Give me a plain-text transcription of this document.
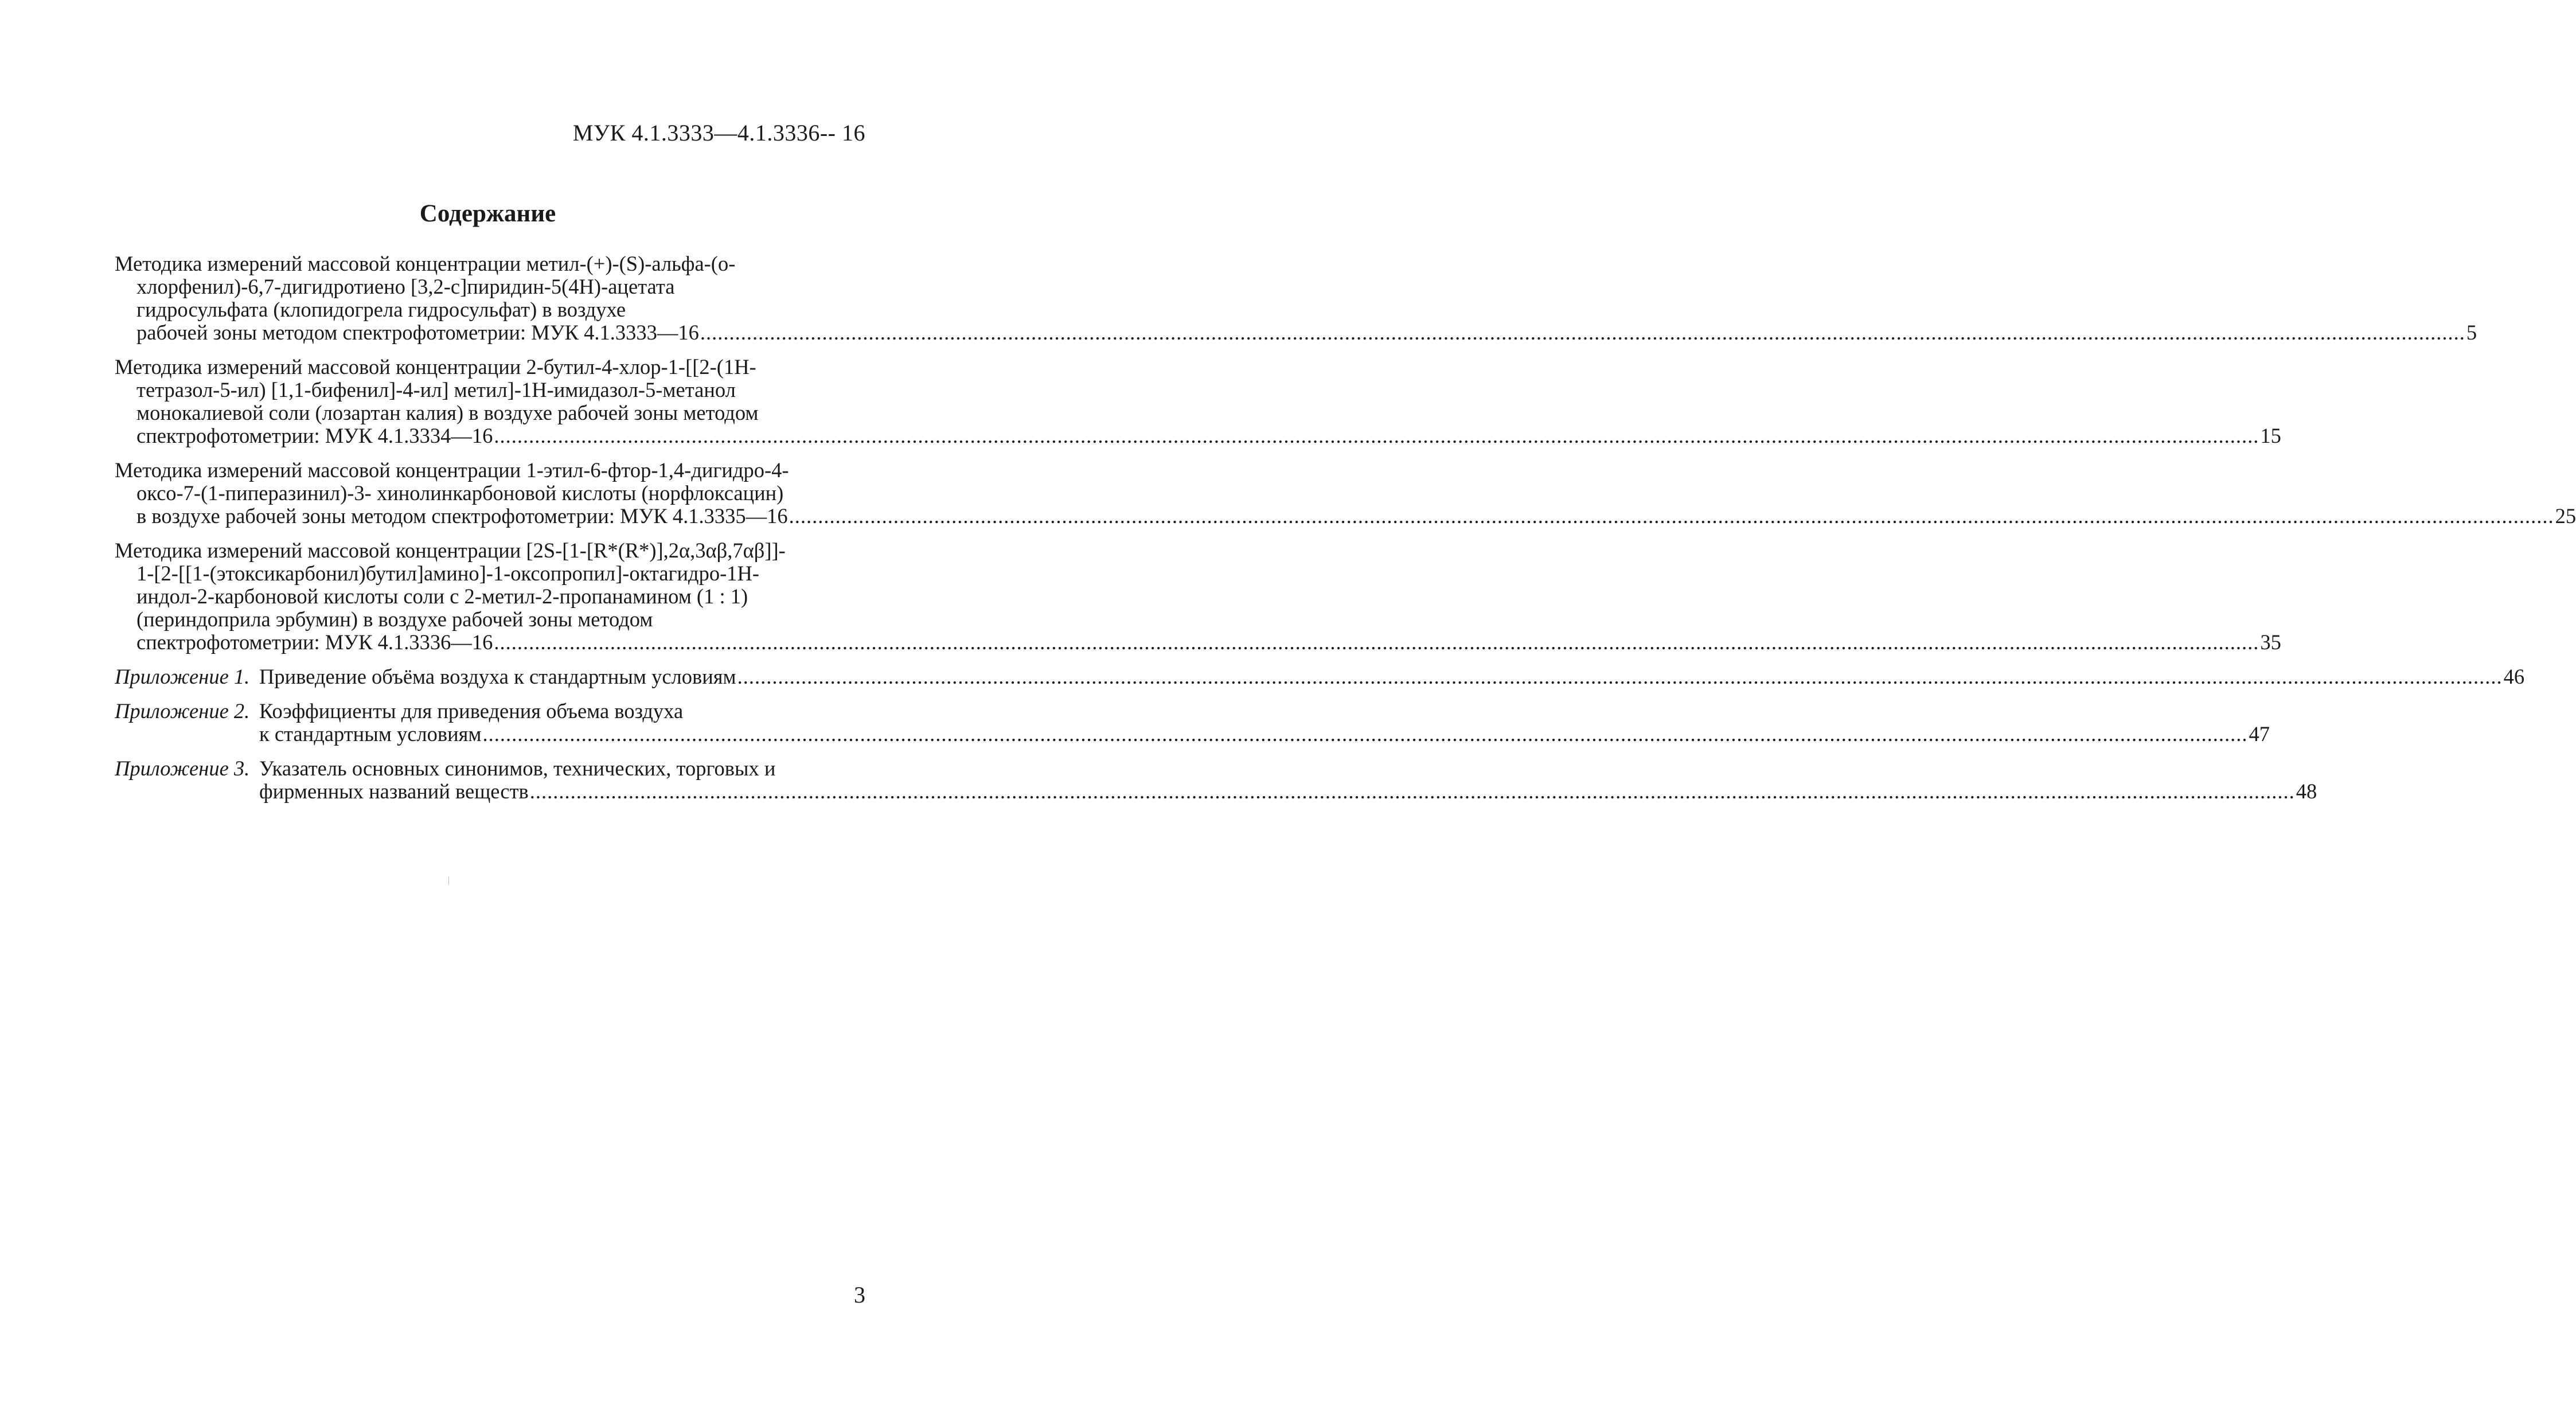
МУК 4.1.3333—4.1.3336-- 16
Содержание
Методика измерений массовой концентрации метил-(+)-(S)-альфа-(о-
хлорфенил)-6,7-дигидротиено [3,2-с]пиридин-5(4Н)-ацетата
гидросульфата (клопидогрела гидросульфат) в воздухе
рабочей зоны методом спектрофотометрии: МУК 4.1.3333—16 .....	5
Методика измерений массовой концентрации 2-бутил-4-хлор-1-[[2-(1Н-
тетразол-5-ил) [1,1-бифенил]-4-ил] метил]-1Н-имидазол-5-метанол
монокалиевой соли (лозартан калия) в воздухе рабочей зоны методом
спектрофотометрии: МУК 4.1.3334—16 .....	15
Методика измерений массовой концентрации 1-этил-6-фтор-1,4-дигидро-4-
оксо-7-(1-пиперазинил)-3- хинолинкарбоновой кислоты (норфлоксацин)
в воздухе рабочей зоны методом спектрофотометрии: МУК 4.1.3335—16 .....	25
Методика измерений массовой концентрации [2S-[1-[R*(R*)],2α,3αβ,7αβ]]-
1-[2-[[1-(этоксикарбонил)бутил]амино]-1-оксопропил]-октагидро-1Н-
индол-2-карбоновой кислоты соли с 2-метил-2-пропанамином (1 : 1)
(периндоприла эрбумин) в воздухе рабочей зоны методом
спектрофотометрии: МУК 4.1.3336—16 .....	35
Приложение 1. Приведение объёма воздуха к стандартным условиям .....	46
Приложение 2. Коэффициенты для приведения объема воздуха
к стандартным условиям .....	47
Приложение 3. Указатель основных синонимов, технических, торговых и
фирменных названий веществ .....	48
3
